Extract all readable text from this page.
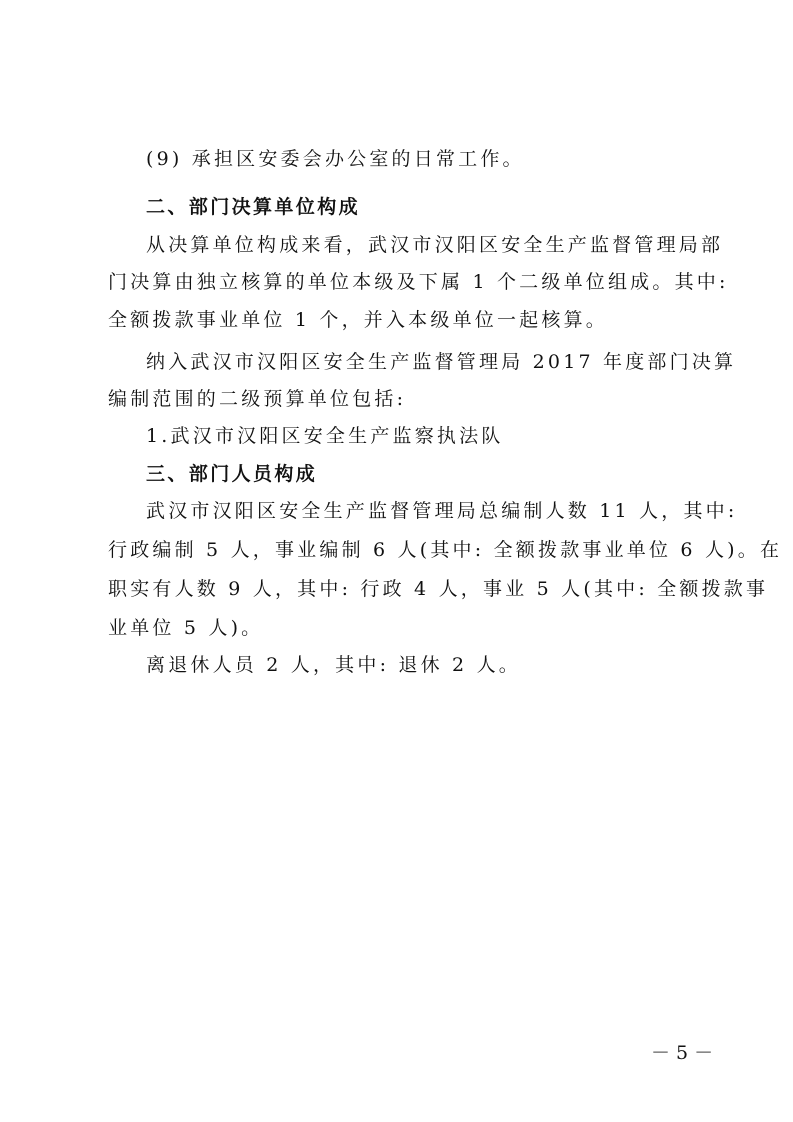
(9) 承担区安委会办公室的日常工作。
二、部门决算单位构成
从决算单位构成来看，武汉市汉阳区安全生产监督管理局部
门决算由独立核算的单位本级及下属 1 个二级单位组成。其中:
全额拨款事业单位 1 个，并入本级单位一起核算。
纳入武汉市汉阳区安全生产监督管理局 2017 年度部门决算
编制范围的二级预算单位包括:
1.武汉市汉阳区安全生产监察执法队
三、部门人员构成
武汉市汉阳区安全生产监督管理局总编制人数 11 人，其中:
行政编制 5 人，事业编制 6 人(其中: 全额拨款事业单位 6 人)。在
职实有人数 9 人，其中: 行政 4 人，事业 5 人(其中: 全额拨款事
业单位 5 人)。
离退休人员 2 人，其中: 退休 2 人。
－ 5 －
